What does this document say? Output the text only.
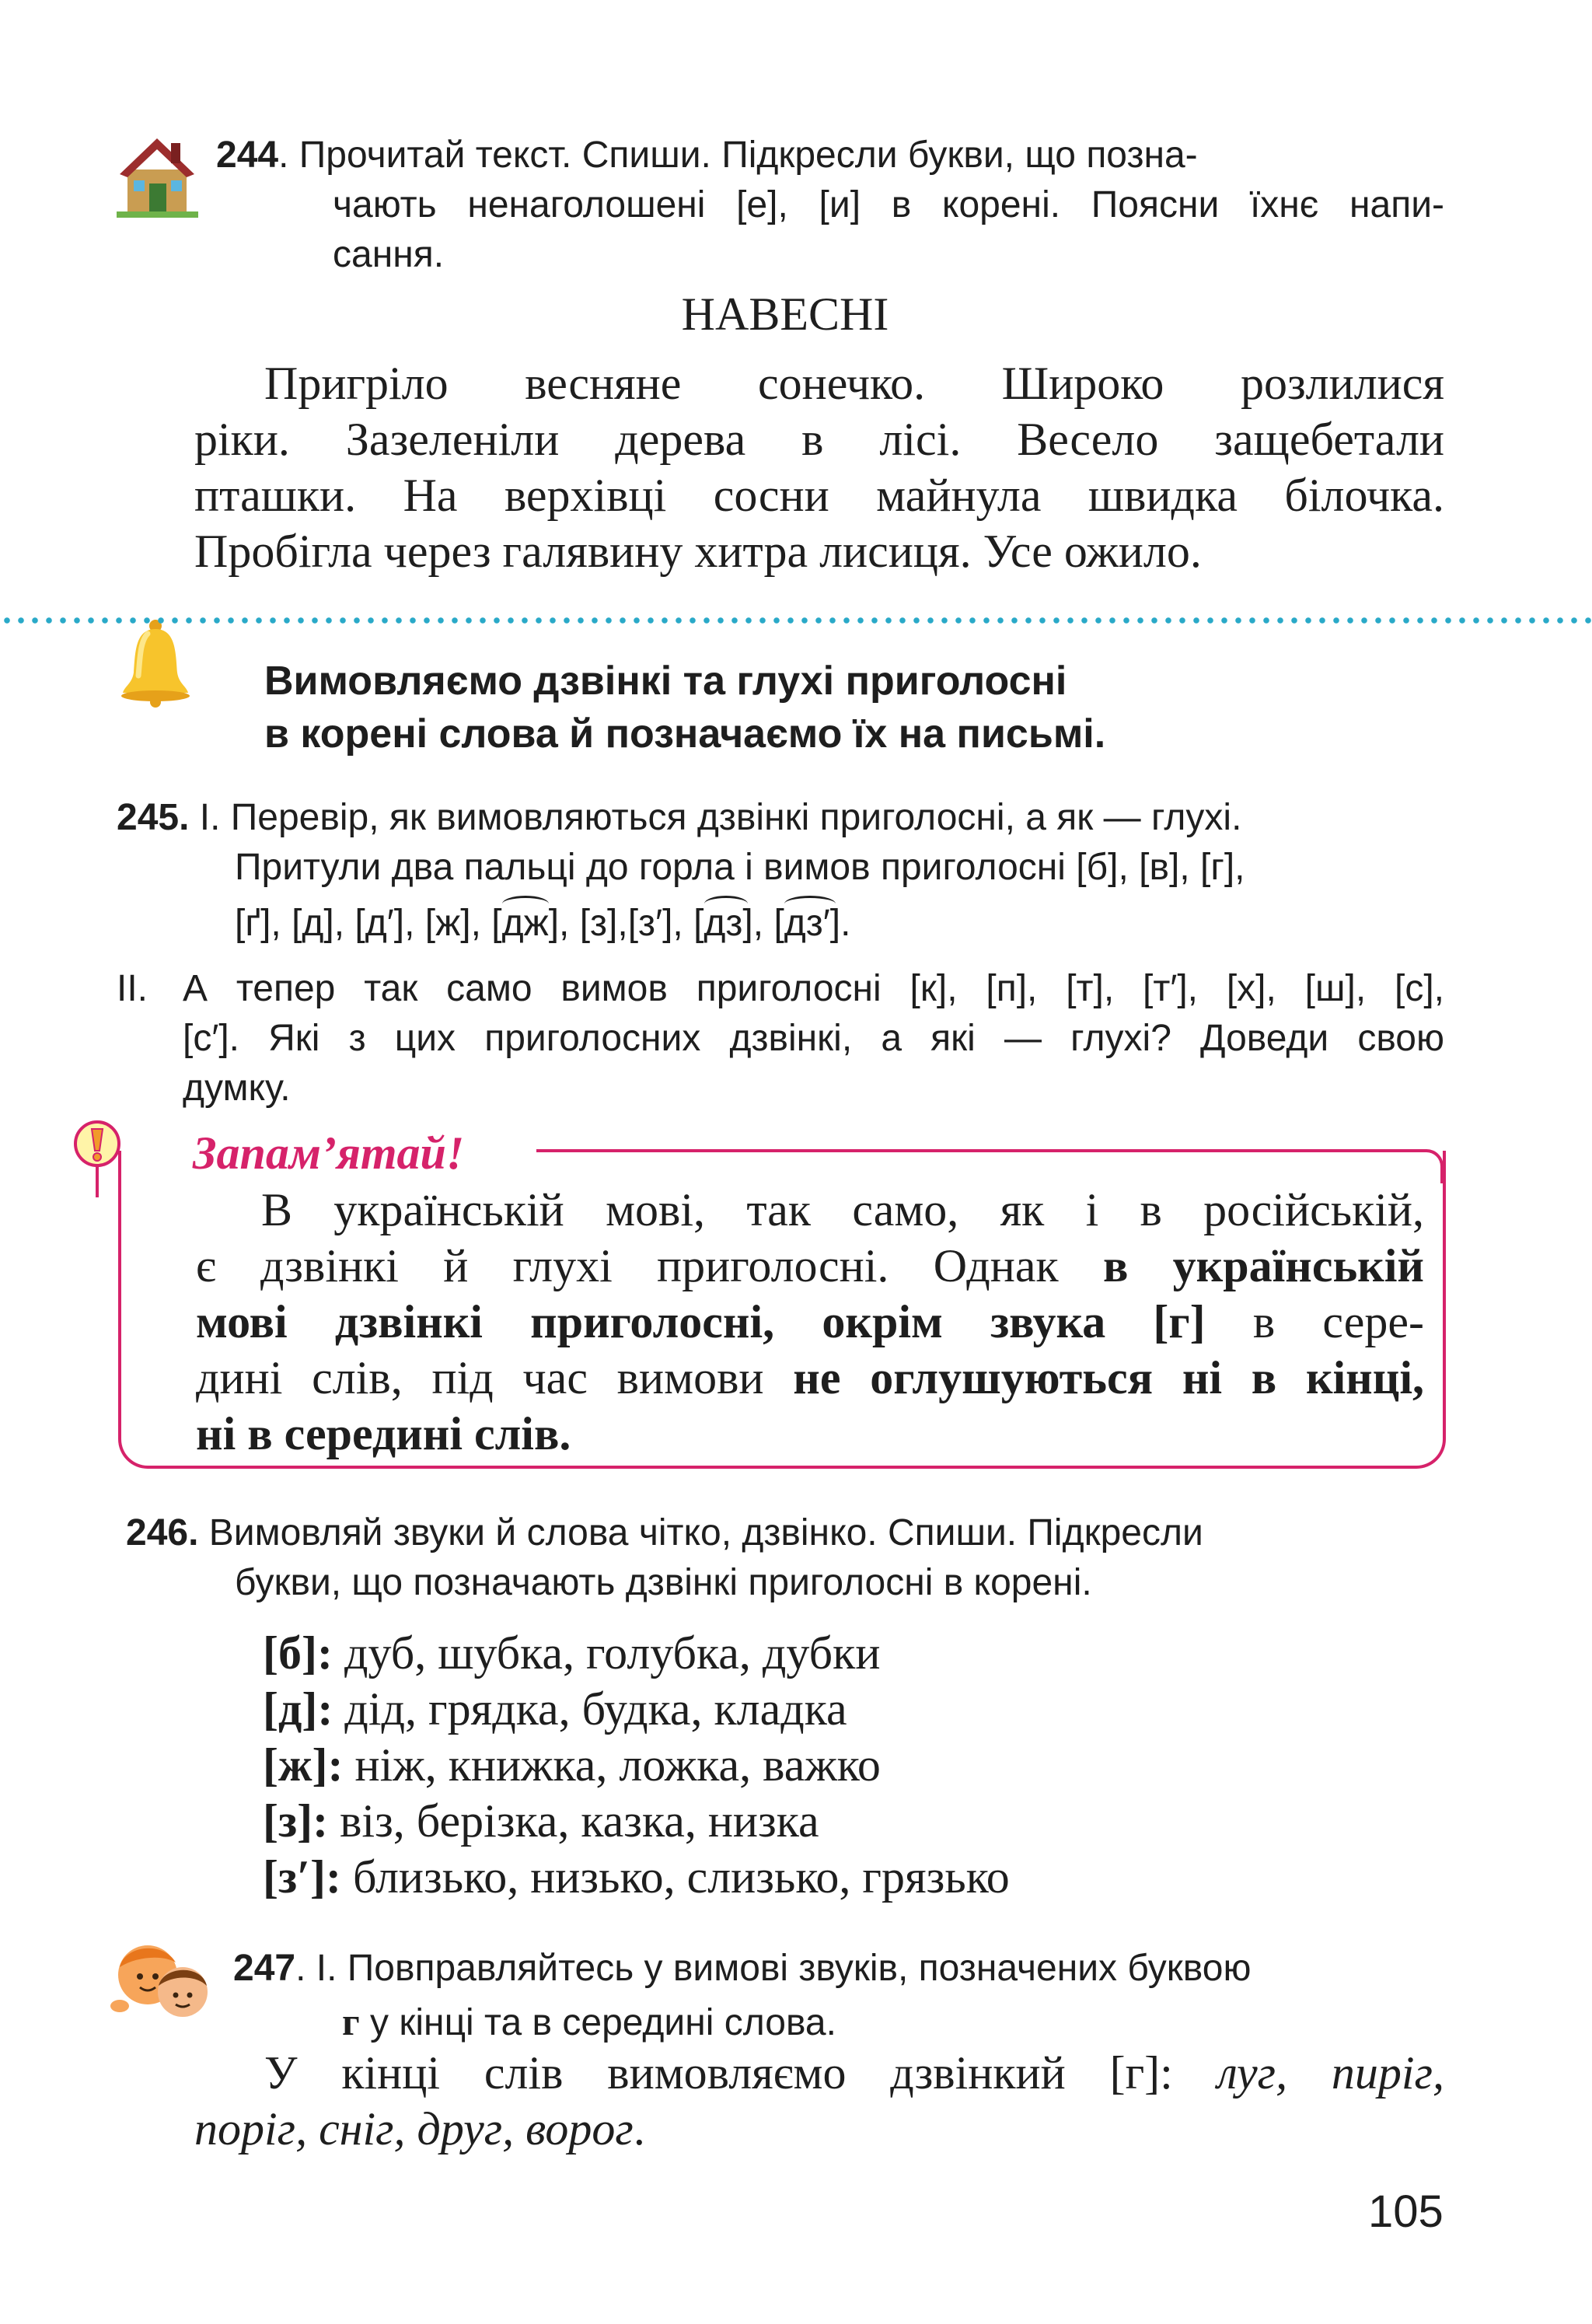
244. Прочитай текст. Спиши. Підкресли букви, що позна-
чають ненаголошені [е], [и] в корені. Поясни їхнє напи-
сання.
НАВЕСНІ
Пригріло весняне сонечко. Широко розлилися
ріки. Зазеленіли дерева в лісі. Весело защебетали
пташки. На верхівці сосни майнула швидка білочка.
Пробігла через галявину хитра лисиця. Усе ожило.
Вимовляємо дзвінкі та глухі приголосні
в корені слова й позначаємо їх на письмі.
245. І. Перевір, як вимовляються дзвінкі приголосні, а як — глухі.
Притули два пальці до горла і вимов приголосні [б], [в], [г],
[ґ], [д], [д′], [ж],
[дж], [з],[з′],
[дз],
[дз′].
ІІ. А тепер так само вимов приголосні [к], [п], [т], [т′], [х], [ш], [с],
[с′]. Які з цих приголосних дзвінкі, а які — глухі? Доведи свою
думку.
Запам’ятай!
В українській мові, так само, як і в російській,
є дзвінкі й глухі приголосні. Однак в українській
мові дзвінкі приголосні, окрім звука [г] в сере-
дині слів, під час вимови не оглушуються ні в кінці,
ні в середині слів.
246. Вимовляй звуки й слова чітко, дзвінко. Спиши. Підкресли
букви, що позначають дзвінкі приголосні в корені.
[б]: дуб, шубка, голубка, дубки
[д]: дід, грядка, будка, кладка
[ж]: ніж, книжка, ложка, важко
[з]: віз, берізка, казка, низка
[з′]: близько, низько, слизько, грязько
247. І. Повправляйтесь у вимові звуків, позначених буквою
г у кінці та в середині слова.
У кінці слів вимовляємо дзвінкий [г]: луг, пиріг,
поріг, сніг, друг, ворог.
105
